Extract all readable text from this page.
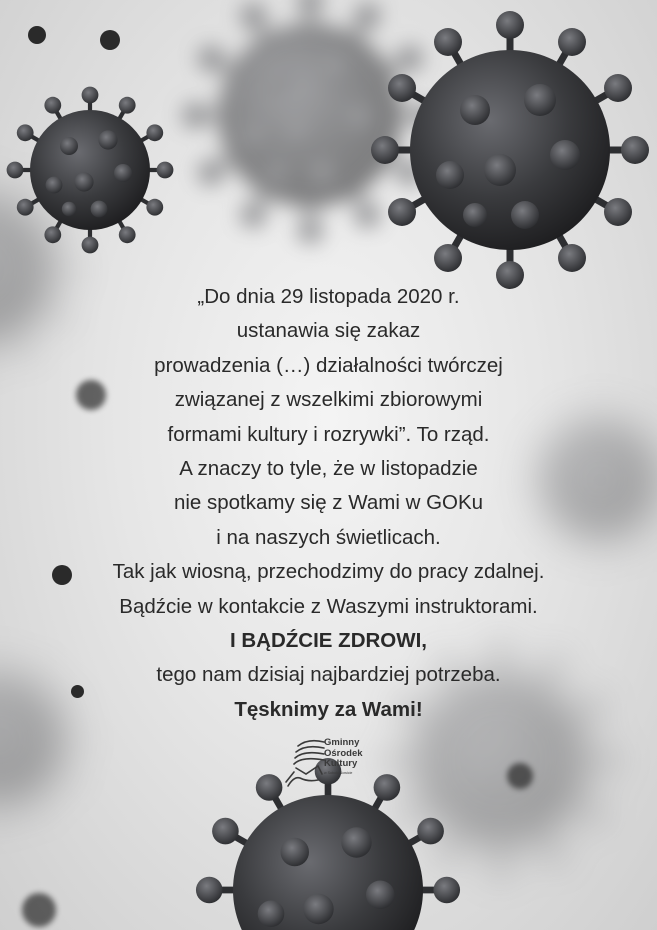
„Do dnia 29 listopada 2020 r.
ustanawia się zakaz
prowadzenia (…) działalności twórczej
związanej z wszelkimi zbiorowymi
formami kultury i rozrywki”. To rząd.
A znaczy to tyle, że w listopadzie
nie spotkamy się z Wami w GOKu
i na naszych świetlicach.
Tak jak wiosną, przechodzimy do pracy zdalnej.
Bądźcie w kontakcie z Waszymi instruktorami.
I BĄDŹCIE ZDROWI,
tego nam dzisiaj najbardziej potrzeba.
Tęsknimy za Wami!
Gminny
Ośrodek
Kultury
w Sobolu Nowicie
